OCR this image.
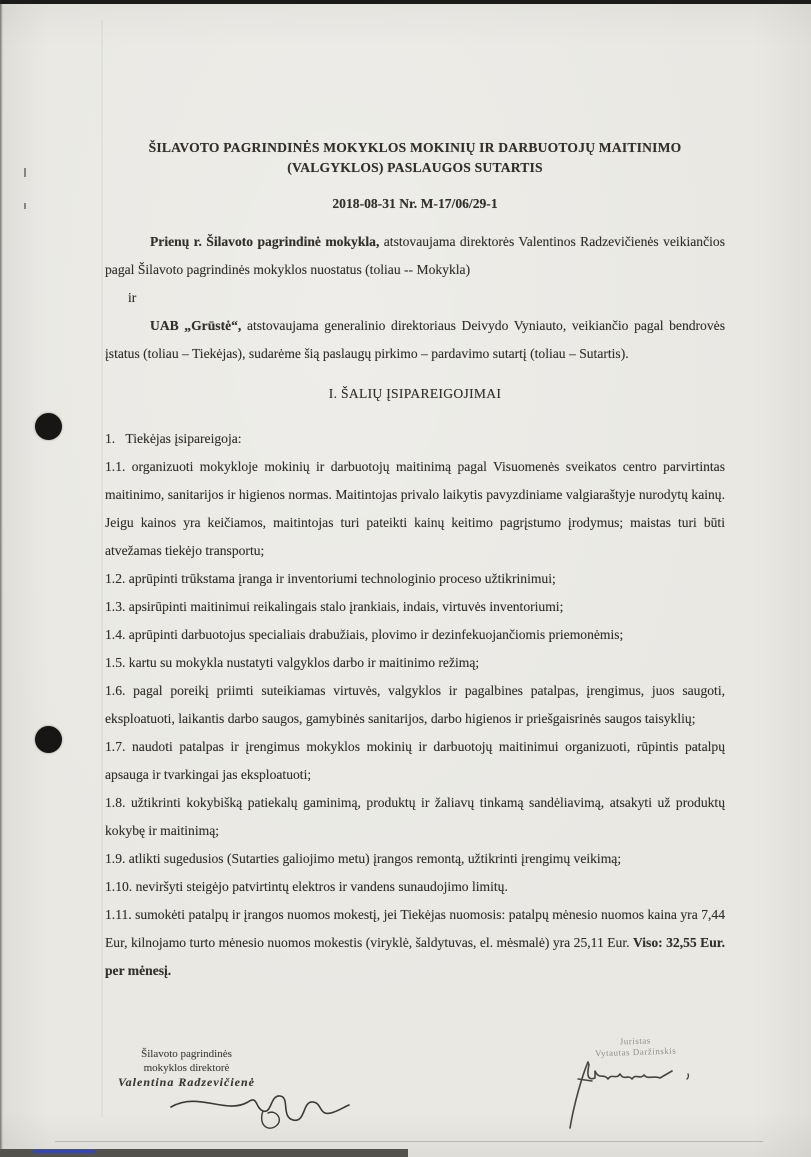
ŠILAVOTO PAGRINDINĖS MOKYKLOS MOKINIŲ IR DARBUOTOJŲ MAITINIMO (VALGYKLOS) PASLAUGOS SUTARTIS

2018-08-31 Nr. M-17/06/29-1

Prienų r. Šilavoto pagrindinė mokykla, atstovaujama direktorės Valentinos Radzevičienės veikiančios pagal Šilavoto pagrindinės mokyklos nuostatus (toliau -- Mokykla)

ir

UAB „Grūstė“, atstovaujama generalinio direktoriaus Deivydo Vyniauto, veikiančio pagal bendrovės įstatus (toliau – Tiekėjas), sudarėme šią paslaugų pirkimo – pardavimo sutartį (toliau – Sutartis).

I. ŠALIŲ ĮSIPAREIGOJIMAI

1.   Tiekėjas įsipareigoja:

1.1. organizuoti mokykloje mokinių ir darbuotojų maitinimą pagal Visuomenės sveikatos centro parvirtintas maitinimo, sanitarijos ir higienos normas. Maitintojas privalo laikytis pavyzdiniame valgiaraštyje nurodytų kainų. Jeigu kainos yra keičiamos, maitintojas turi pateikti kainų keitimo pagrįstumo įrodymus; maistas turi būti atvežamas tiekėjo transportu;

1.2. aprūpinti trūkstama įranga ir inventoriumi technologinio proceso užtikrinimui;

1.3. apsirūpinti maitinimui reikalingais stalo įrankiais, indais, virtuvės inventoriumi;

1.4. aprūpinti darbuotojus specialiais drabužiais, plovimo ir dezinfekuojančiomis priemonėmis;

1.5. kartu su mokykla nustatyti valgyklos darbo ir maitinimo režimą;

1.6. pagal poreikį priimti suteikiamas virtuvės, valgyklos ir pagalbines patalpas, įrengimus, juos saugoti, eksploatuoti, laikantis darbo saugos, gamybinės sanitarijos, darbo higienos ir priešgaisrinės saugos taisyklių;

1.7. naudoti patalpas ir įrengimus mokyklos mokinių ir darbuotojų maitinimui organizuoti, rūpintis patalpų apsauga ir tvarkingai jas eksploatuoti;

1.8. užtikrinti kokybišką patiekalų gaminimą, produktų ir žaliavų tinkamą sandėliavimą, atsakyti už produktų kokybę ir maitinimą;

1.9. atlikti sugedusios (Sutarties galiojimo metu) įrangos remontą, užtikrinti įrengimų veikimą;

1.10. neviršyti steigėjo patvirtintų elektros ir vandens sunaudojimo limitų.

1.11. sumokėti patalpų ir įrangos nuomos mokestį, jei Tiekėjas nuomosis: patalpų mėnesio nuomos kaina yra 7,44 Eur, kilnojamo turto mėnesio nuomos mokestis (viryklė, šaldytuvas, el. mėsmalė) yra 25,11 Eur. Viso: 32,55 Eur. per mėnesį.

Šilavoto pagrindinės
mokyklos direktorė
Valentina Radzevičienė
Juristas
Vytautas Daržinskis
